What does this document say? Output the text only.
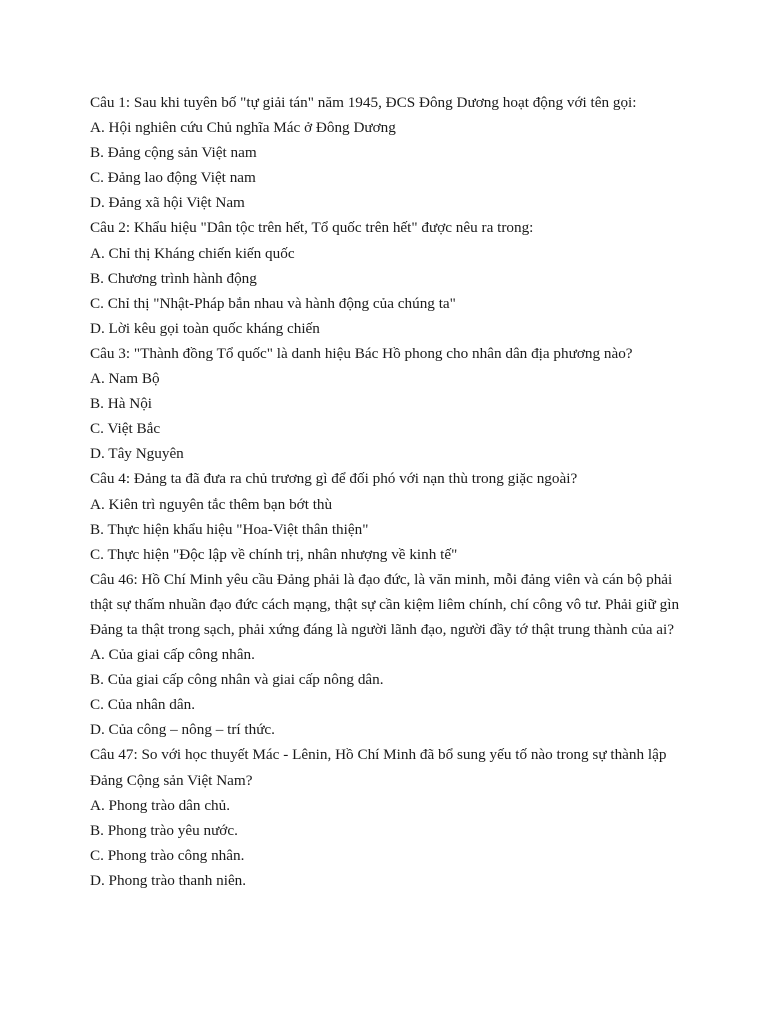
Câu 1: Sau khi tuyên bố "tự giải tán" năm 1945, ĐCS Đông Dương hoạt động với tên gọi:
A. Hội nghiên cứu Chủ nghĩa Mác ở Đông Dương
B. Đảng cộng sản Việt nam
C. Đảng lao động Việt nam
D. Đảng xã hội Việt Nam
Câu 2: Khẩu hiệu "Dân tộc trên hết, Tổ quốc trên hết" được nêu ra trong:
A. Chỉ thị Kháng chiến kiến quốc
B. Chương trình hành động
C. Chỉ thị "Nhật-Pháp bắn nhau và hành động của chúng ta"
D. Lời kêu gọi toàn quốc kháng chiến
Câu 3: "Thành đồng Tổ quốc" là danh hiệu Bác Hồ phong cho nhân dân địa phương nào?
A. Nam Bộ
B. Hà Nội
C. Việt Bắc
D. Tây Nguyên
Câu 4: Đảng ta đã đưa ra chủ trương gì để đối phó với nạn thù trong giặc ngoài?
A. Kiên trì nguyên tắc thêm bạn bớt thù
B. Thực hiện khẩu hiệu "Hoa-Việt thân thiện"
C. Thực hiện "Độc lập về chính trị, nhân nhượng về kinh tế"
Câu 46: Hồ Chí Minh yêu cầu Đảng phải là đạo đức, là văn minh, mỗi đảng viên và cán bộ phải thật sự thấm nhuần đạo đức cách mạng, thật sự cần kiệm liêm chính, chí công vô tư. Phải giữ gìn Đảng ta thật trong sạch, phải xứng đáng là người lãnh đạo, người đầy tớ thật trung thành của ai?
A. Của giai cấp công nhân.
B. Của giai cấp công nhân và giai cấp nông dân.
C. Của nhân dân.
D. Của công – nông – trí thức.
Câu 47: So với học thuyết Mác - Lênin, Hồ Chí Minh đã bổ sung yếu tố nào trong sự thành lập Đảng Cộng sản Việt Nam?
A. Phong trào dân chủ.
B. Phong trào yêu nước.
C. Phong trào công nhân.
D. Phong trào thanh niên.
